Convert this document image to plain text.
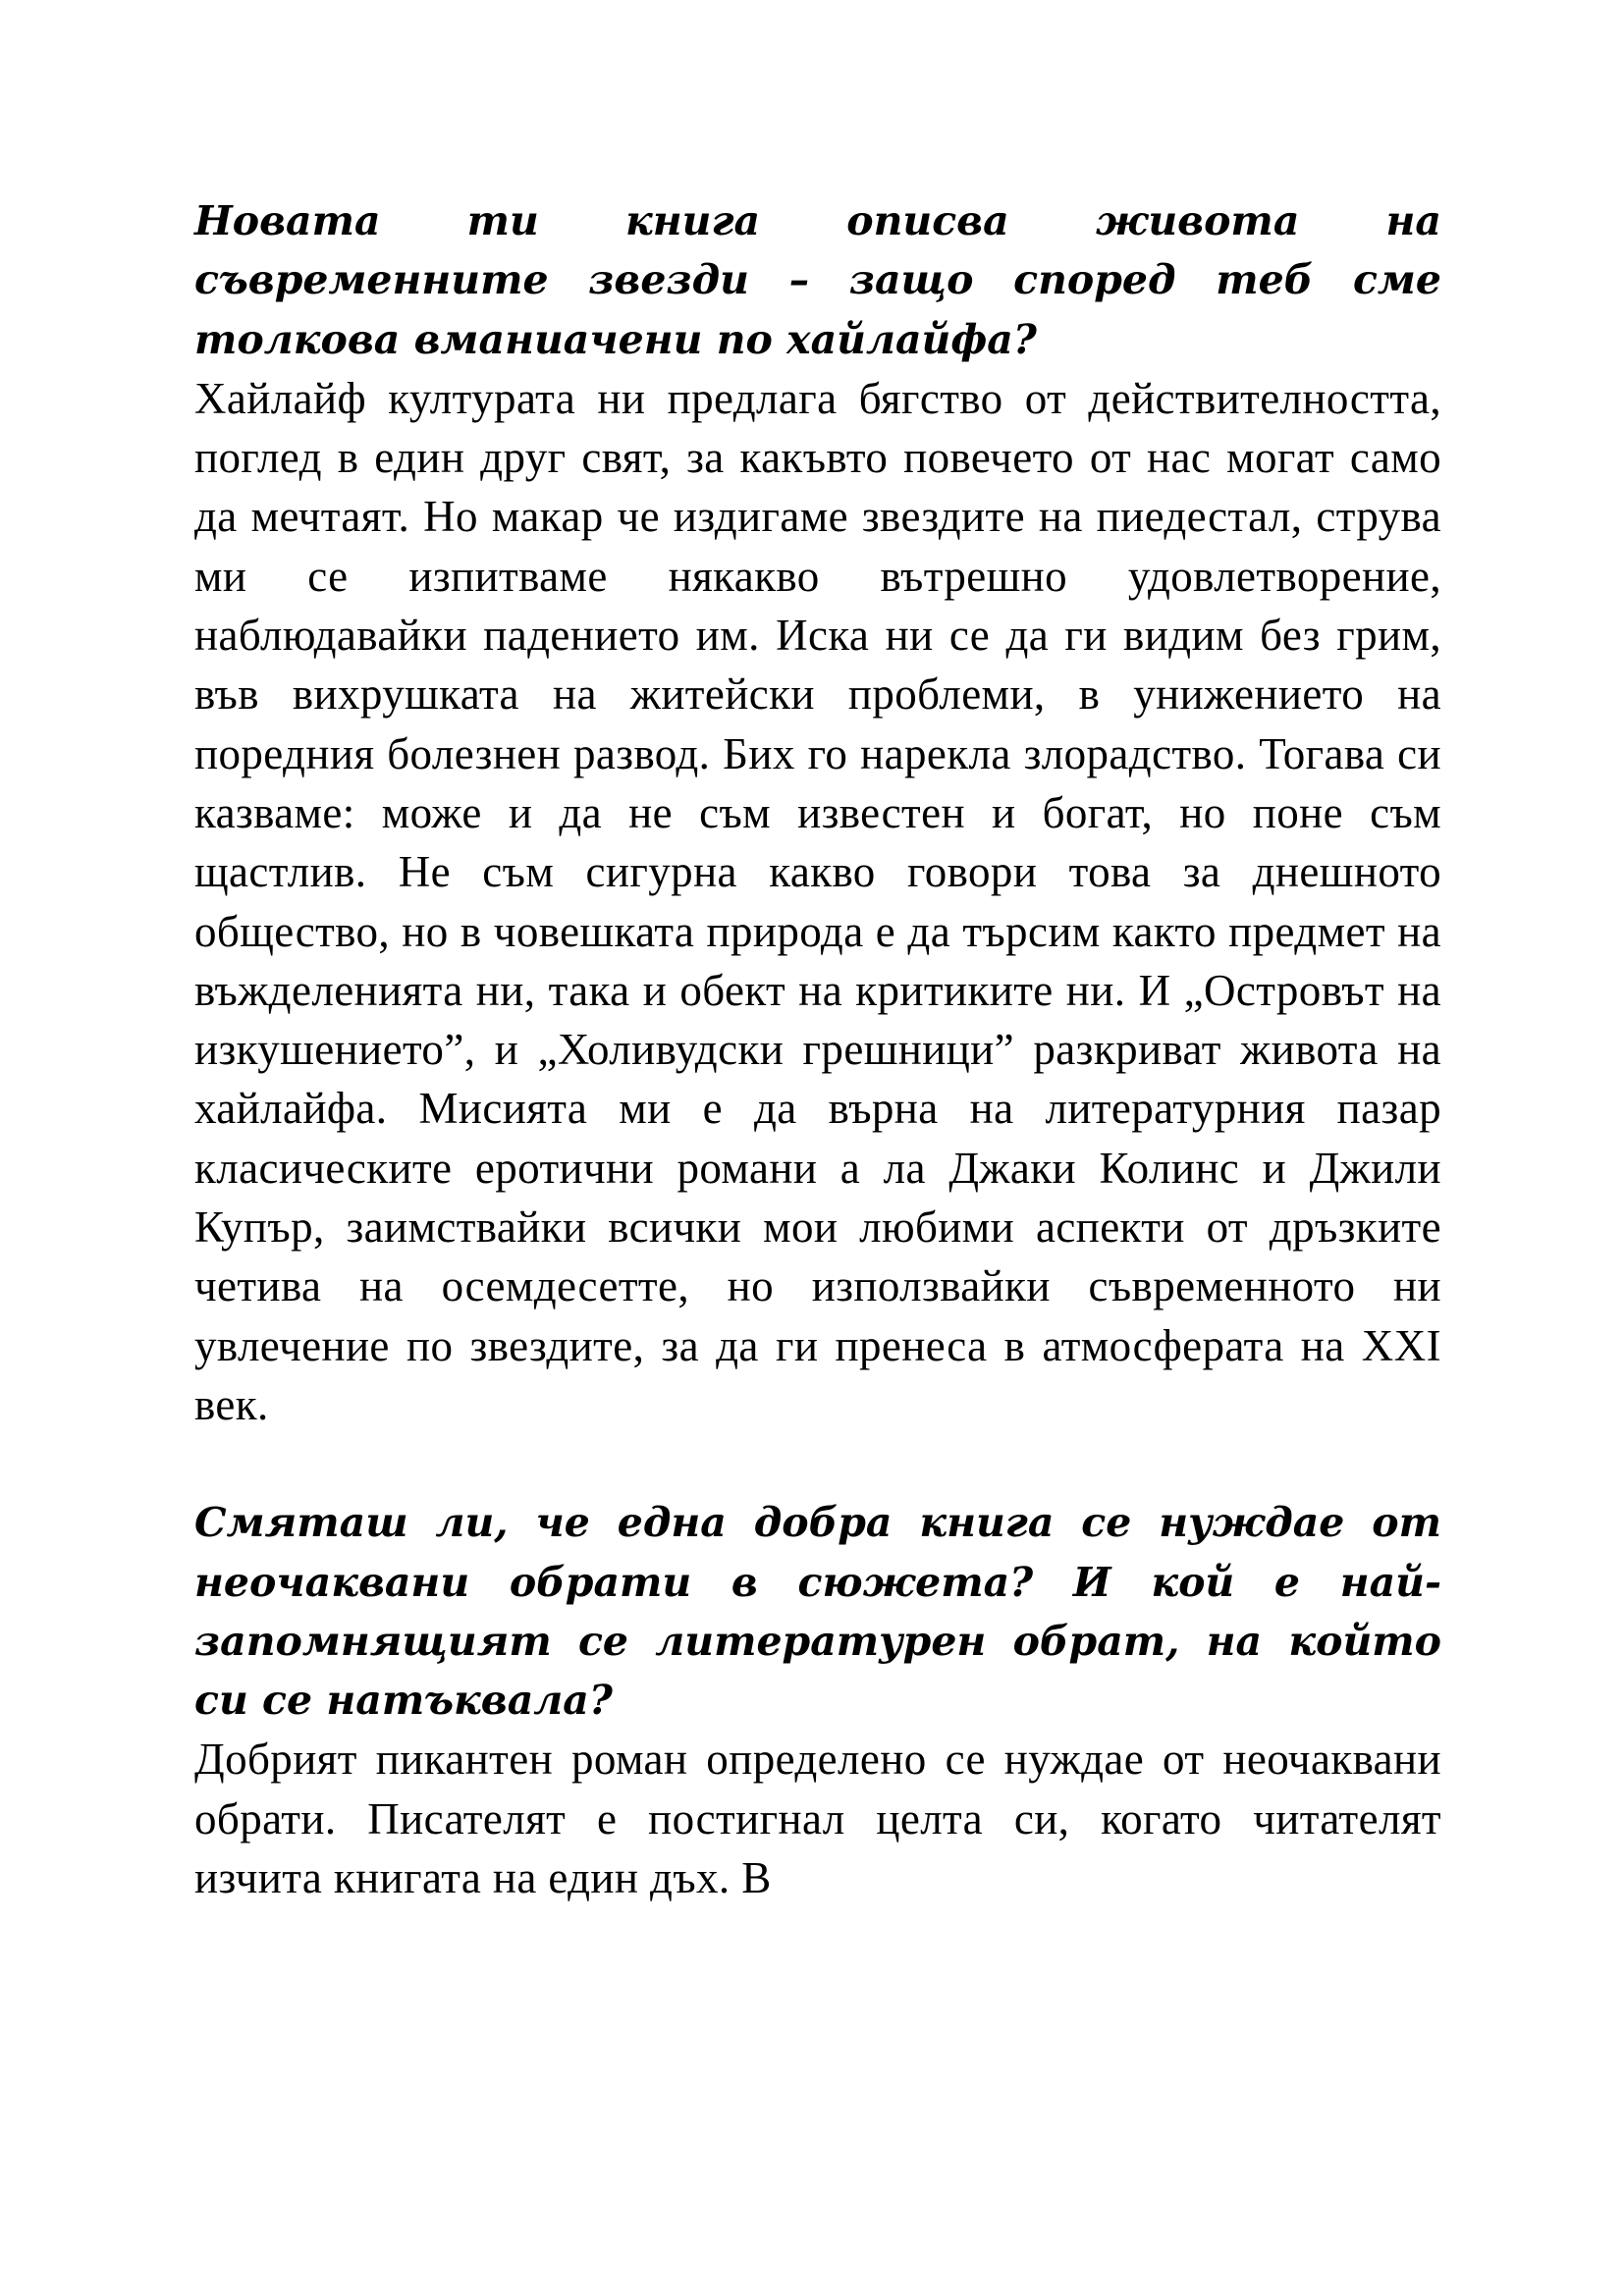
Новата ти книга описва живота на съвременните звезди – защо според теб сме толкова вманиачени по хайлайфа?

Хайлайф културата ни предлага бягство от действителността, поглед в един друг свят, за какъвто повечето от нас могат само да мечтаят. Но макар че издигаме звездите на пиедестал, струва ми се изпитваме някакво вътрешно удовлетворение, наблюдавайки падението им. Иска ни се да ги видим без грим, във вихрушката на житейски проблеми, в унижението на поредния болезнен развод. Бих го нарекла злорадство. Тогава си казваме: може и да не съм известен и богат, но поне съм щастлив. Не съм сигурна какво говори това за днешното общество, но в човешката природа е да търсим както предмет на въжделенията ни, така и обект на критиките ни. И „Островът на изкушението”, и „Холивудски грешници” разкриват живота на хайлайфа. Мисията ми е да върна на литературния пазар класическите еротични романи а ла Джаки Колинс и Джили Купър, заимствайки всички мои любими аспекти от дръзките четива на осемдесетте, но използвайки съвременното ни увлечение по звездите, за да ги пренеса в атмосферата на XXI век.

Смяташ ли, че една добра книга се нуждае от неочаквани обрати в сюжета? И кой е най-запомнящият се литературен обрат, на който си се натъквала?

Добрият пикантен роман определено се нуждае от неочаквани обрати. Писателят е постигнал целта си, когато читателят изчита книгата на един дъх. В
